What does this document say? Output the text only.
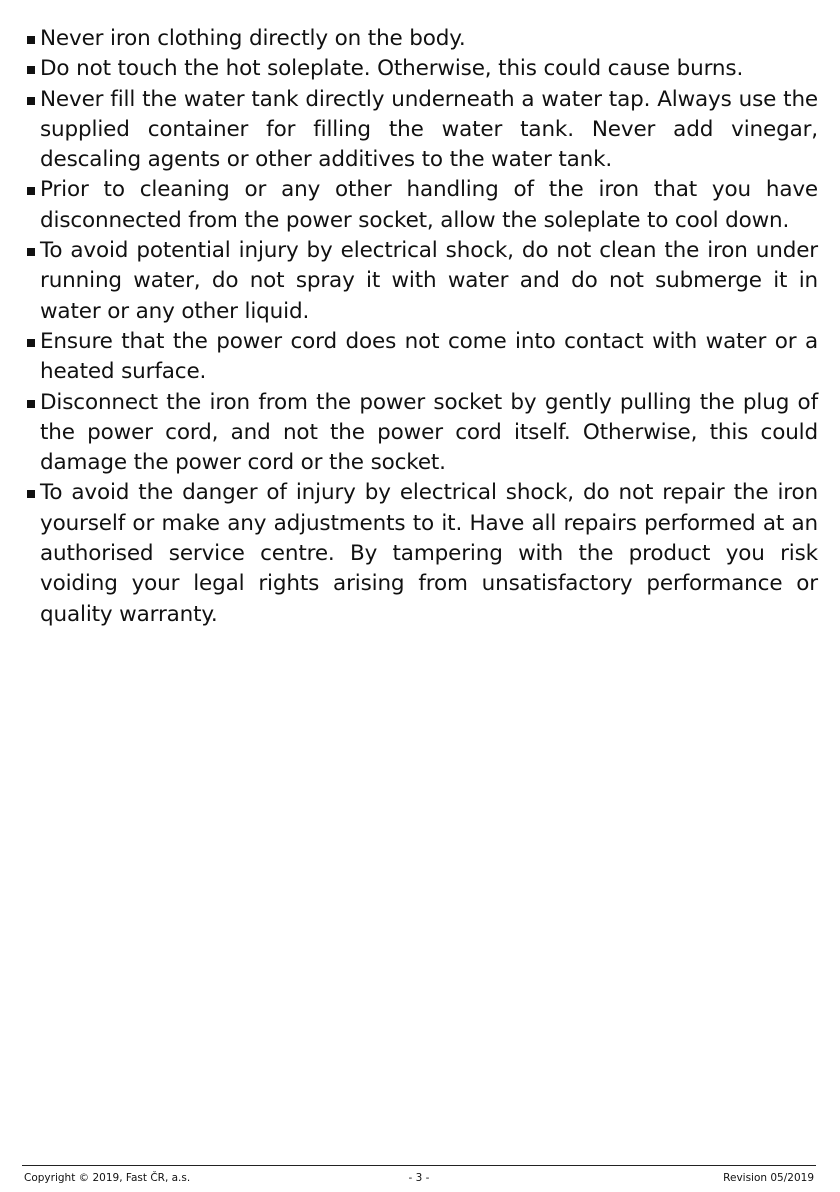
Never iron clothing directly on the body.

Do not touch the hot soleplate. Otherwise, this could cause burns.

Never fill the water tank directly underneath a water tap. Always use the supplied container for filling the water tank. Never add vinegar, descaling agents or other additives to the water tank.

Prior to cleaning or any other handling of the iron that you have disconnected from the power socket, allow the soleplate to cool down.

To avoid potential injury by electrical shock, do not clean the iron under running water, do not spray it with water and do not submerge it in water or any other liquid.

Ensure that the power cord does not come into contact with water or a heated surface.

Disconnect the iron from the power socket by gently pulling the plug of the power cord, and not the power cord itself. Otherwise, this could damage the power cord or the socket.

To avoid the danger of injury by electrical shock, do not repair the iron yourself or make any adjustments to it. Have all repairs performed at an authorised service centre. By tampering with the product you risk voiding your legal rights arising from unsatisfactory performance or quality warranty.

Copyright © 2019, Fast ČR, a.s.	- 3 -	Revision 05/2019
